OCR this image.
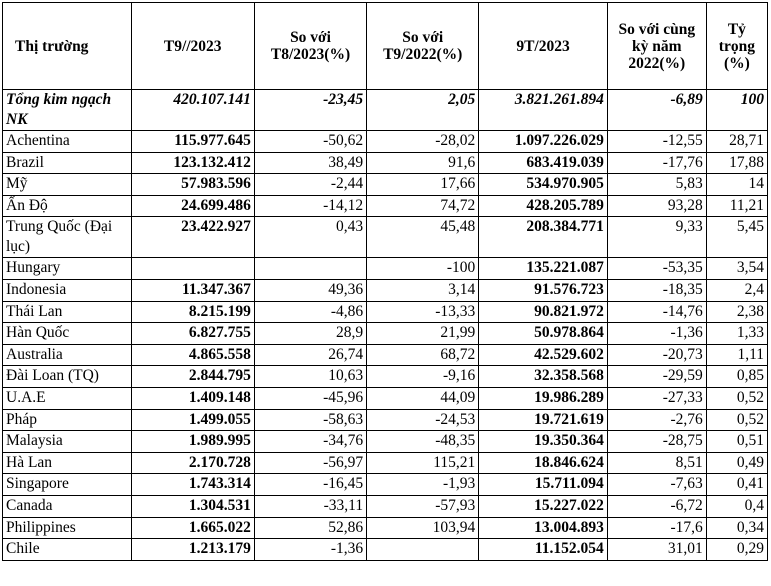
Thị trường	T9//2023	So với T8/2023(%)	So với T9/2022(%)	9T/2023	So với cùng kỳ năm 2022(%)	Tỷ trọng (%)
Tổng kim ngạch NK	420.107.141	-23,45	2,05	3.821.261.894	-6,89	100
Achentina	115.977.645	-50,62	-28,02	1.097.226.029	-12,55	28,71
Brazil	123.132.412	38,49	91,6	683.419.039	-17,76	17,88
Mỹ	57.983.596	-2,44	17,66	534.970.905	5,83	14
Ấn Độ	24.699.486	-14,12	74,72	428.205.789	93,28	11,21
Trung Quốc (Đại lục)	23.422.927	0,43	45,48	208.384.771	9,33	5,45
Hungary			-100	135.221.087	-53,35	3,54
Indonesia	11.347.367	49,36	3,14	91.576.723	-18,35	2,4
Thái Lan	8.215.199	-4,86	-13,33	90.821.972	-14,76	2,38
Hàn Quốc	6.827.755	28,9	21,99	50.978.864	-1,36	1,33
Australia	4.865.558	26,74	68,72	42.529.602	-20,73	1,11
Đài Loan (TQ)	2.844.795	10,63	-9,16	32.358.568	-29,59	0,85
U.A.E	1.409.148	-45,96	44,09	19.986.289	-27,33	0,52
Pháp	1.499.055	-58,63	-24,53	19.721.619	-2,76	0,52
Malaysia	1.989.995	-34,76	-48,35	19.350.364	-28,75	0,51
Hà Lan	2.170.728	-56,97	115,21	18.846.624	8,51	0,49
Singapore	1.743.314	-16,45	-1,93	15.711.094	-7,63	0,41
Canada	1.304.531	-33,11	-57,93	15.227.022	-6,72	0,4
Philippines	1.665.022	52,86	103,94	13.004.893	-17,6	0,34
Chile	1.213.179	-1,36		11.152.054	31,01	0,29
